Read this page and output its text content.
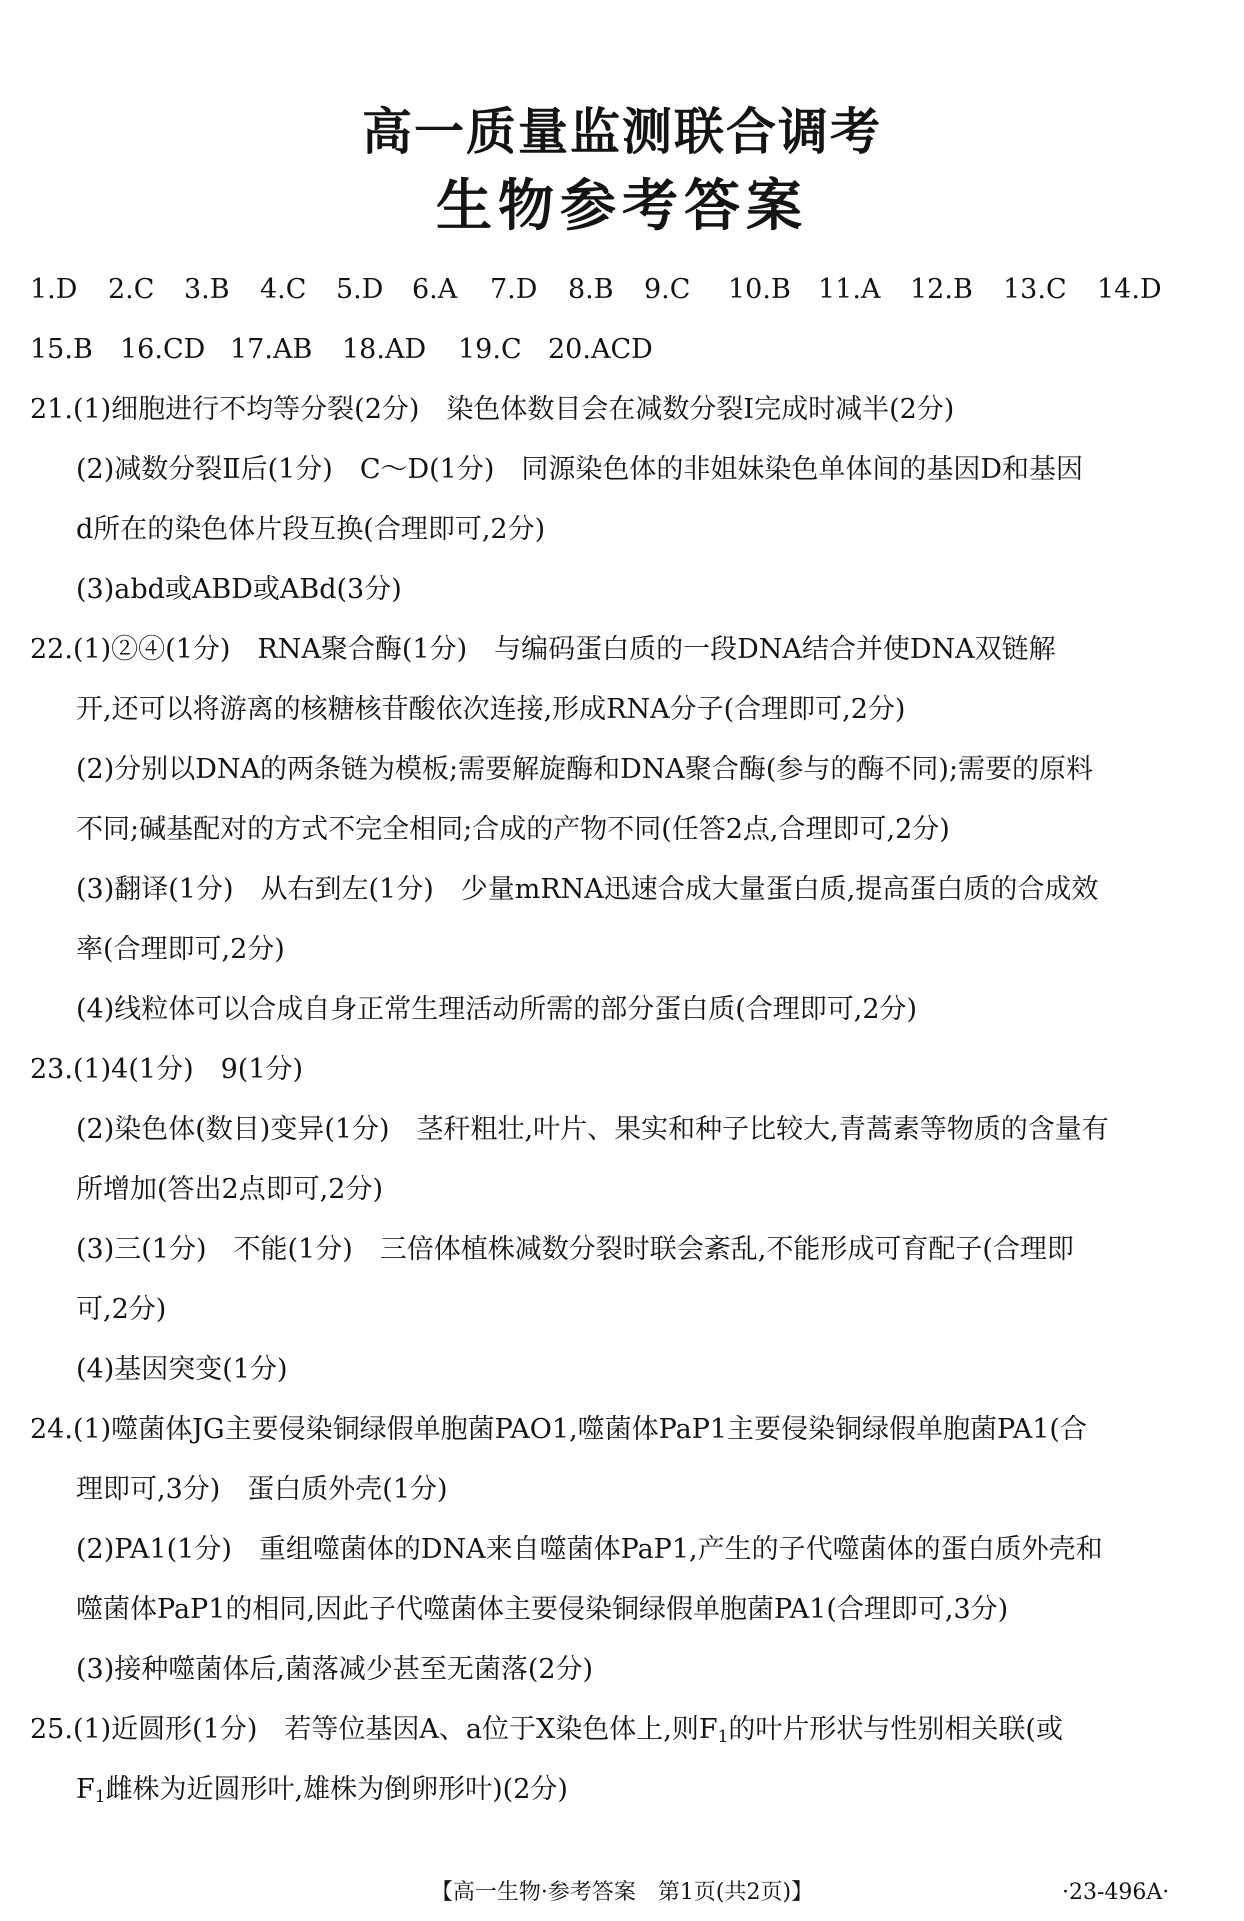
高一质量监测联合调考
生物参考答案
1.D 2.C 3.B 4.C 5.D 6.A 7.D 8.B 9.C 10.B 11.A 12.B 13.C 14.D
15.B 16.CD 17.AB 18.AD 19.C 20.ACD
21.(1)细胞进行不均等分裂(2分)　染色体数目会在减数分裂Ⅰ完成时减半(2分)
(2)减数分裂Ⅱ后(1分)　C～D(1分)　同源染色体的非姐妹染色单体间的基因D和基因
d所在的染色体片段互换(合理即可,2分)
(3)abd或ABD或ABd(3分)
22.(1)②④(1分)　RNA聚合酶(1分)　与编码蛋白质的一段DNA结合并使DNA双链解
开,还可以将游离的核糖核苷酸依次连接,形成RNA分子(合理即可,2分)
(2)分别以DNA的两条链为模板;需要解旋酶和DNA聚合酶(参与的酶不同);需要的原料
不同;碱基配对的方式不完全相同;合成的产物不同(任答2点,合理即可,2分)
(3)翻译(1分)　从右到左(1分)　少量mRNA迅速合成大量蛋白质,提高蛋白质的合成效
率(合理即可,2分)
(4)线粒体可以合成自身正常生理活动所需的部分蛋白质(合理即可,2分)
23.(1)4(1分)　9(1分)
(2)染色体(数目)变异(1分)　茎秆粗壮,叶片、果实和种子比较大,青蒿素等物质的含量有
所增加(答出2点即可,2分)
(3)三(1分)　不能(1分)　三倍体植株减数分裂时联会紊乱,不能形成可育配子(合理即
可,2分)
(4)基因突变(1分)
24.(1)噬菌体JG主要侵染铜绿假单胞菌PAO1,噬菌体PaP1主要侵染铜绿假单胞菌PA1(合
理即可,3分)　蛋白质外壳(1分)
(2)PA1(1分)　重组噬菌体的DNA来自噬菌体PaP1,产生的子代噬菌体的蛋白质外壳和
噬菌体PaP1的相同,因此子代噬菌体主要侵染铜绿假单胞菌PA1(合理即可,3分)
(3)接种噬菌体后,菌落减少甚至无菌落(2分)
25.(1)近圆形(1分)　若等位基因A、a位于X染色体上,则$F_1$的叶片形状与性别相关联(或
$F_1$雌株为近圆形叶,雄株为倒卵形叶)(2分)
【高一生物·参考答案　第1页(共2页)】	·23-496A·
